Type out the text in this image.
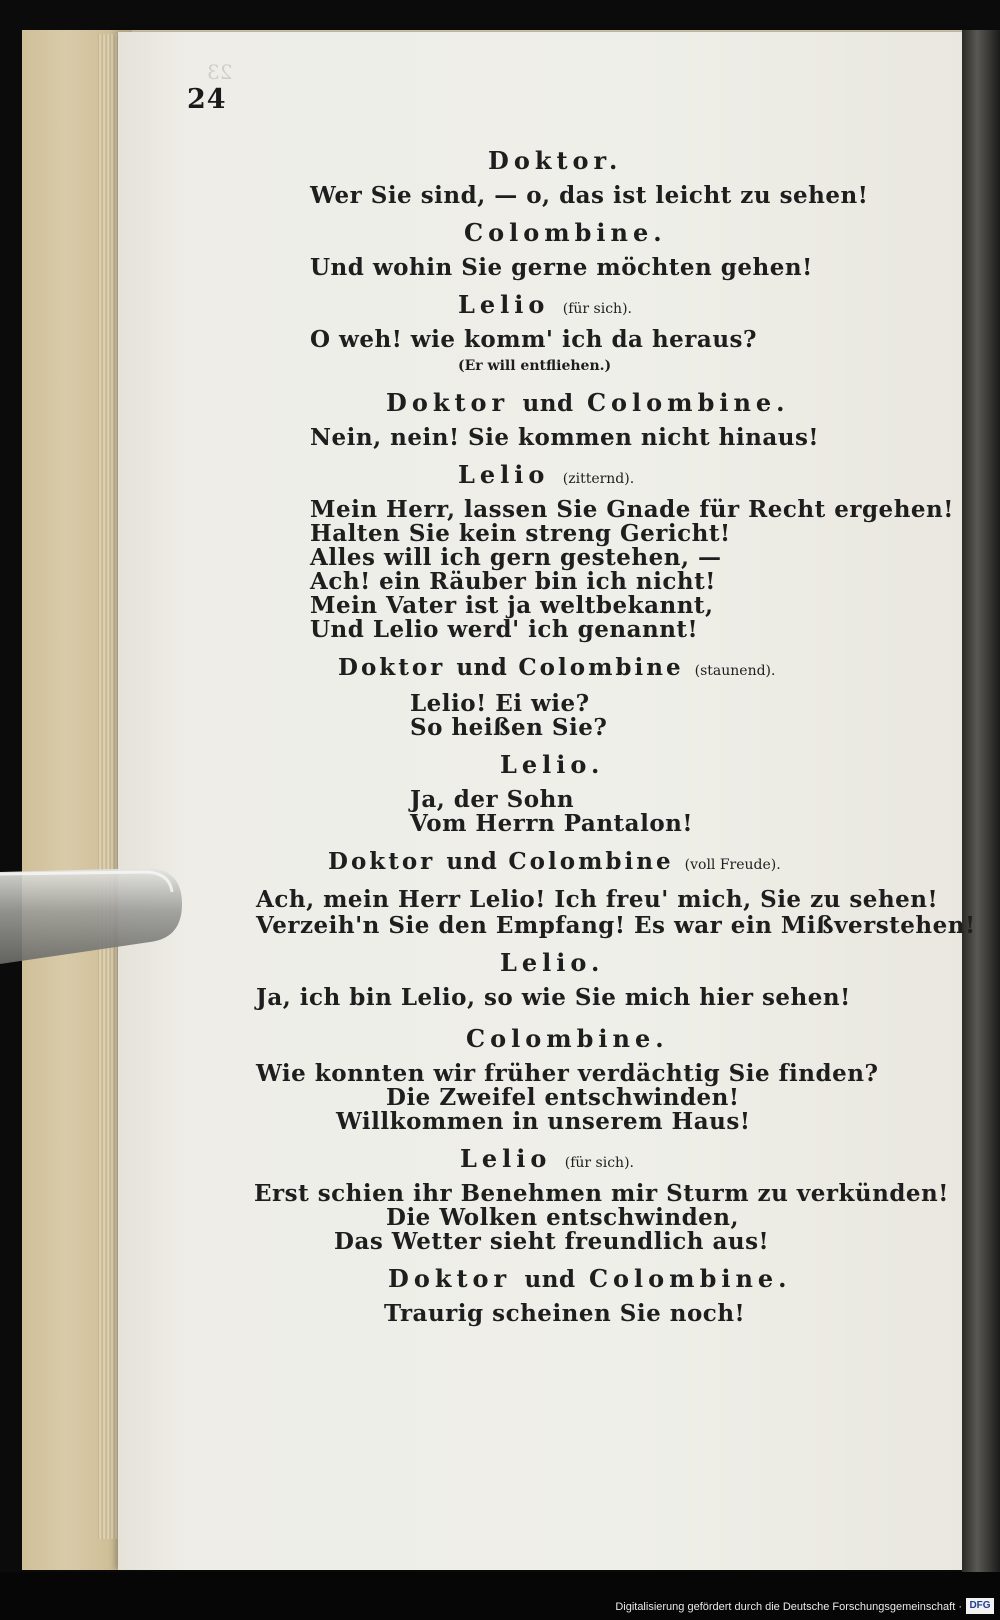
23
24
Doktor.
Wer Sie sind, — o, das ist leicht zu sehen!
Colombine.
Und wohin Sie gerne möchten gehen!
Lelio (für sich).
O weh! wie komm' ich da heraus?
(Er will entfliehen.)
Doktor und Colombine.
Nein, nein! Sie kommen nicht hinaus!
Lelio (zitternd).
Mein Herr, lassen Sie Gnade für Recht ergehen!
Halten Sie kein streng Gericht!
Alles will ich gern gestehen, —
Ach! ein Räuber bin ich nicht!
Mein Vater ist ja weltbekannt,
Und Lelio werd' ich genannt!
Doktor und Colombine (staunend).
Lelio! Ei wie?
So heißen Sie?
Lelio.
Ja, der Sohn
Vom Herrn Pantalon!
Doktor und Colombine (voll Freude).
Ach, mein Herr Lelio! Ich freu' mich, Sie zu sehen!
Verzeih'n Sie den Empfang! Es war ein Mißverstehen!
Lelio.
Ja, ich bin Lelio, so wie Sie mich hier sehen!
Colombine.
Wie konnten wir früher verdächtig Sie finden?
Die Zweifel entschwinden!
Willkommen in unserem Haus!
Lelio (für sich).
Erst schien ihr Benehmen mir Sturm zu verkünden!
Die Wolken entschwinden,
Das Wetter sieht freundlich aus!
Doktor und Colombine.
Traurig scheinen Sie noch!
Digitalisierung gefördert durch die Deutsche Forschungsgemeinschaft · DFG
